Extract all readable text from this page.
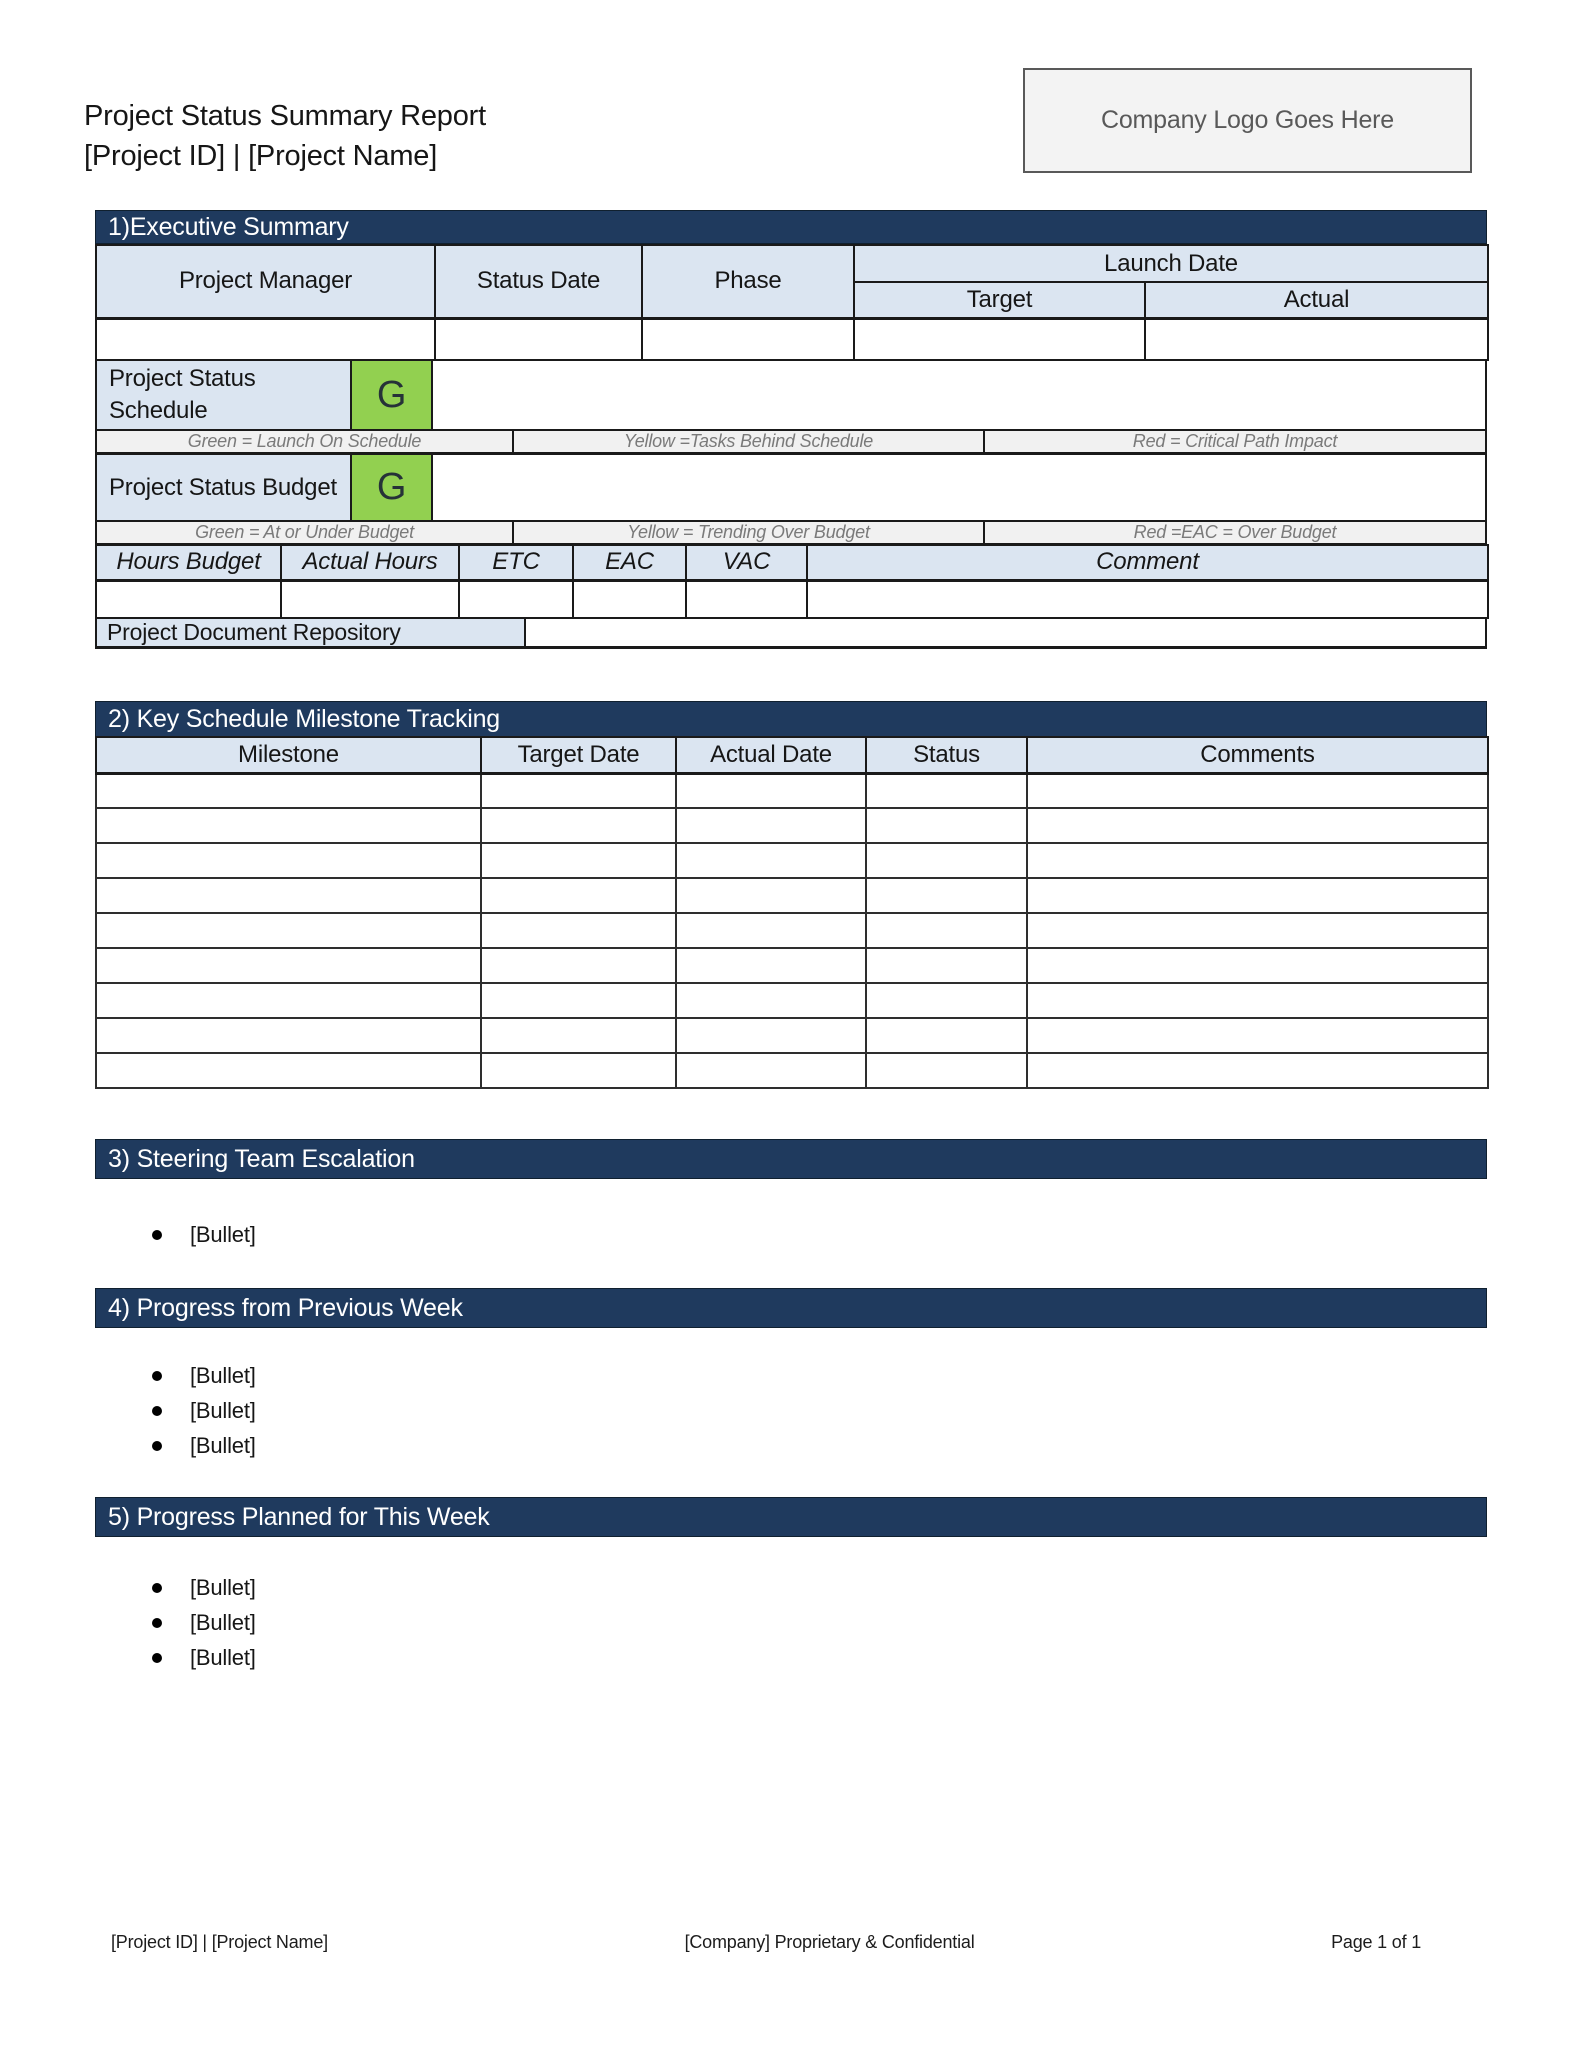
Project Status Summary Report
[Project ID] | [Project Name]
Company Logo Goes Here
1)Executive Summary
Project Manager	Status Date	Phase	Launch Date	
			Target	Actual

Project Status Schedule	G
Green = Launch On Schedule	Yellow =Tasks Behind Schedule	Red = Critical Path Impact
Project Status Budget	G
Green = At or Under Budget	Yellow = Trending Over Budget	Red =EAC = Over Budget
Hours Budget	Actual Hours	ETC	EAC	VAC	Comment

Project Document Repository
2) Key Schedule Milestone Tracking
Milestone	Target Date	Actual Date	Status	Comments

3) Steering Team Escalation
[Bullet]
4) Progress from Previous Week
[Bullet]
[Bullet]
[Bullet]
5) Progress Planned for This Week
[Bullet]
[Bullet]
[Bullet]
[Project ID] | [Project Name]	[Company] Proprietary & Confidential	Page 1 of 1
